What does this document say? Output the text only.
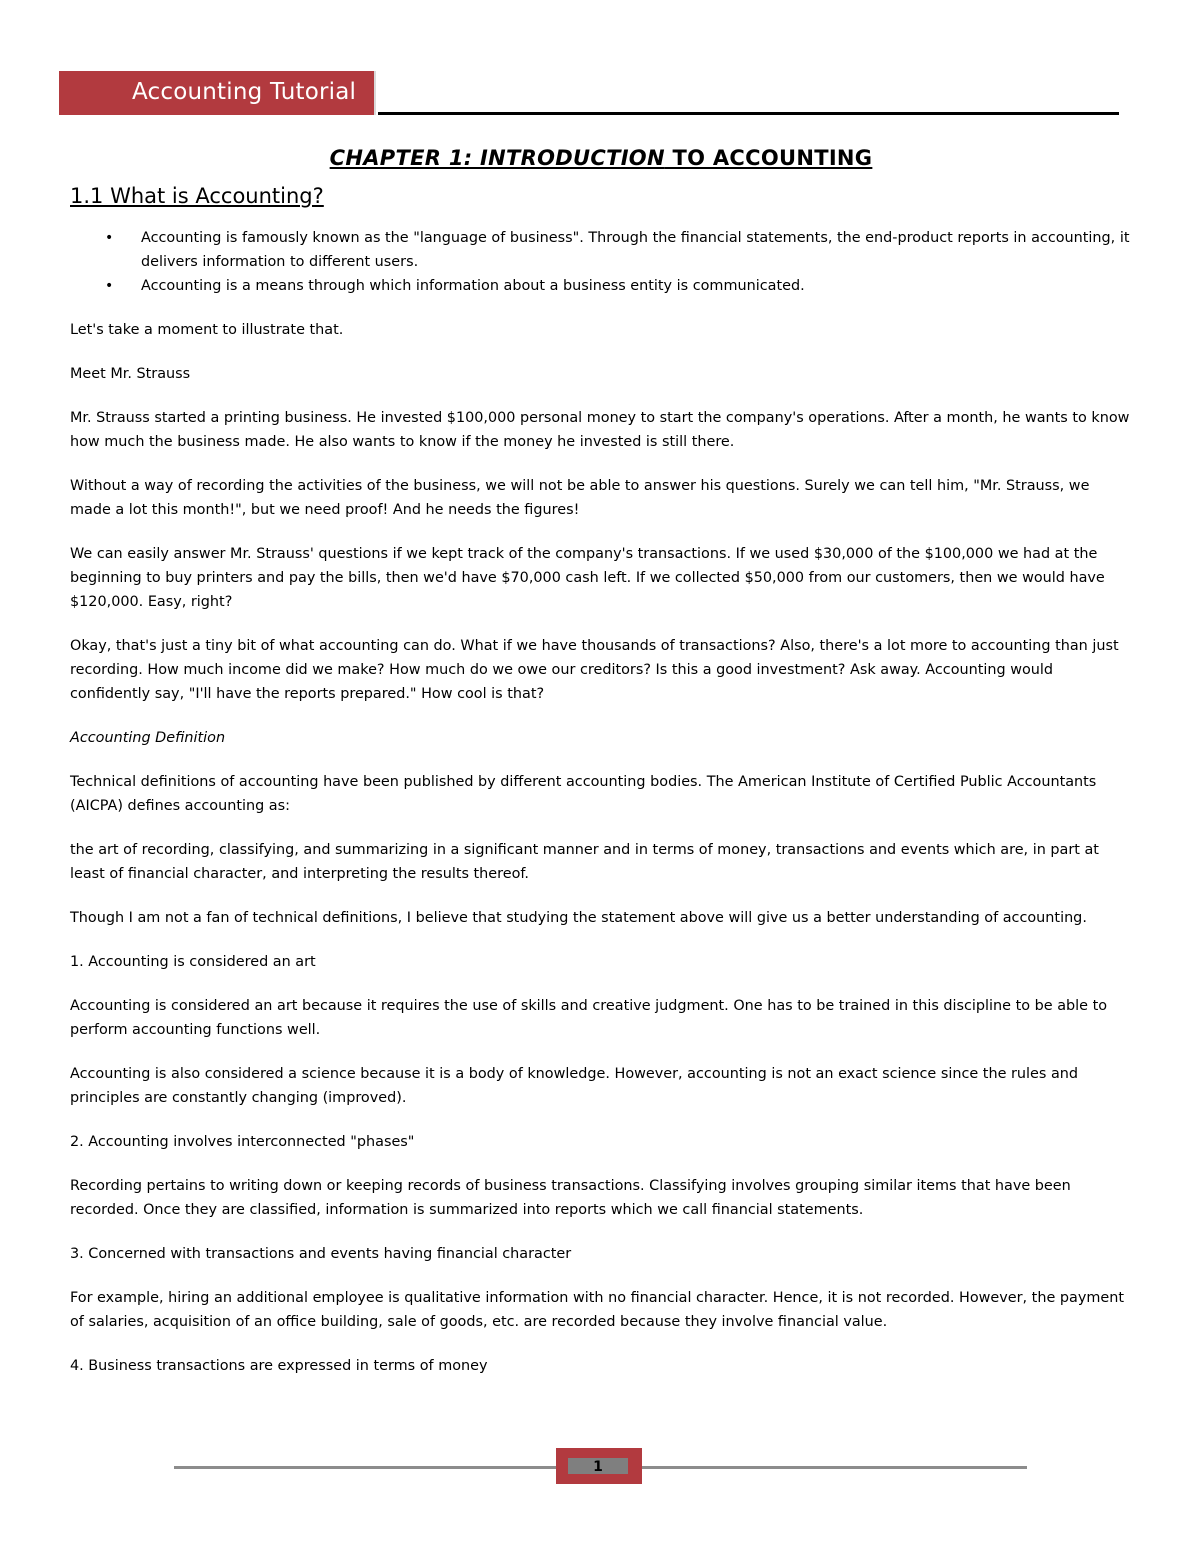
Accounting Tutorial
CHAPTER 1: INTRODUCTION TO ACCOUNTING
1.1 What is Accounting?
• Accounting is famously known as the "language of business". Through the financial statements, the end-product reports in accounting, it delivers information to different users.
• Accounting is a means through which information about a business entity is communicated.

Let's take a moment to illustrate that.

Meet Mr. Strauss

Mr. Strauss started a printing business. He invested $100,000 personal money to start the company's operations. After a month, he wants to know how much the business made. He also wants to know if the money he invested is still there.

Without a way of recording the activities of the business, we will not be able to answer his questions. Surely we can tell him, "Mr. Strauss, we made a lot this month!", but we need proof! And he needs the figures!

We can easily answer Mr. Strauss' questions if we kept track of the company's transactions. If we used $30,000 of the $100,000 we had at the beginning to buy printers and pay the bills, then we'd have $70,000 cash left. If we collected $50,000 from our customers, then we would have $120,000. Easy, right?

Okay, that's just a tiny bit of what accounting can do. What if we have thousands of transactions? Also, there's a lot more to accounting than just recording. How much income did we make? How much do we owe our creditors? Is this a good investment? Ask away. Accounting would confidently say, "I'll have the reports prepared." How cool is that?

Accounting Definition

Technical definitions of accounting have been published by different accounting bodies. The American Institute of Certified Public Accountants (AICPA) defines accounting as:

the art of recording, classifying, and summarizing in a significant manner and in terms of money, transactions and events which are, in part at least of financial character, and interpreting the results thereof.

Though I am not a fan of technical definitions, I believe that studying the statement above will give us a better understanding of accounting.

1. Accounting is considered an art

Accounting is considered an art because it requires the use of skills and creative judgment. One has to be trained in this discipline to be able to perform accounting functions well.

Accounting is also considered a science because it is a body of knowledge. However, accounting is not an exact science since the rules and principles are constantly changing (improved).

2. Accounting involves interconnected "phases"

Recording pertains to writing down or keeping records of business transactions. Classifying involves grouping similar items that have been recorded. Once they are classified, information is summarized into reports which we call financial statements.

3. Concerned with transactions and events having financial character

For example, hiring an additional employee is qualitative information with no financial character. Hence, it is not recorded. However, the payment of salaries, acquisition of an office building, sale of goods, etc. are recorded because they involve financial value.

4. Business transactions are expressed in terms of money

1
